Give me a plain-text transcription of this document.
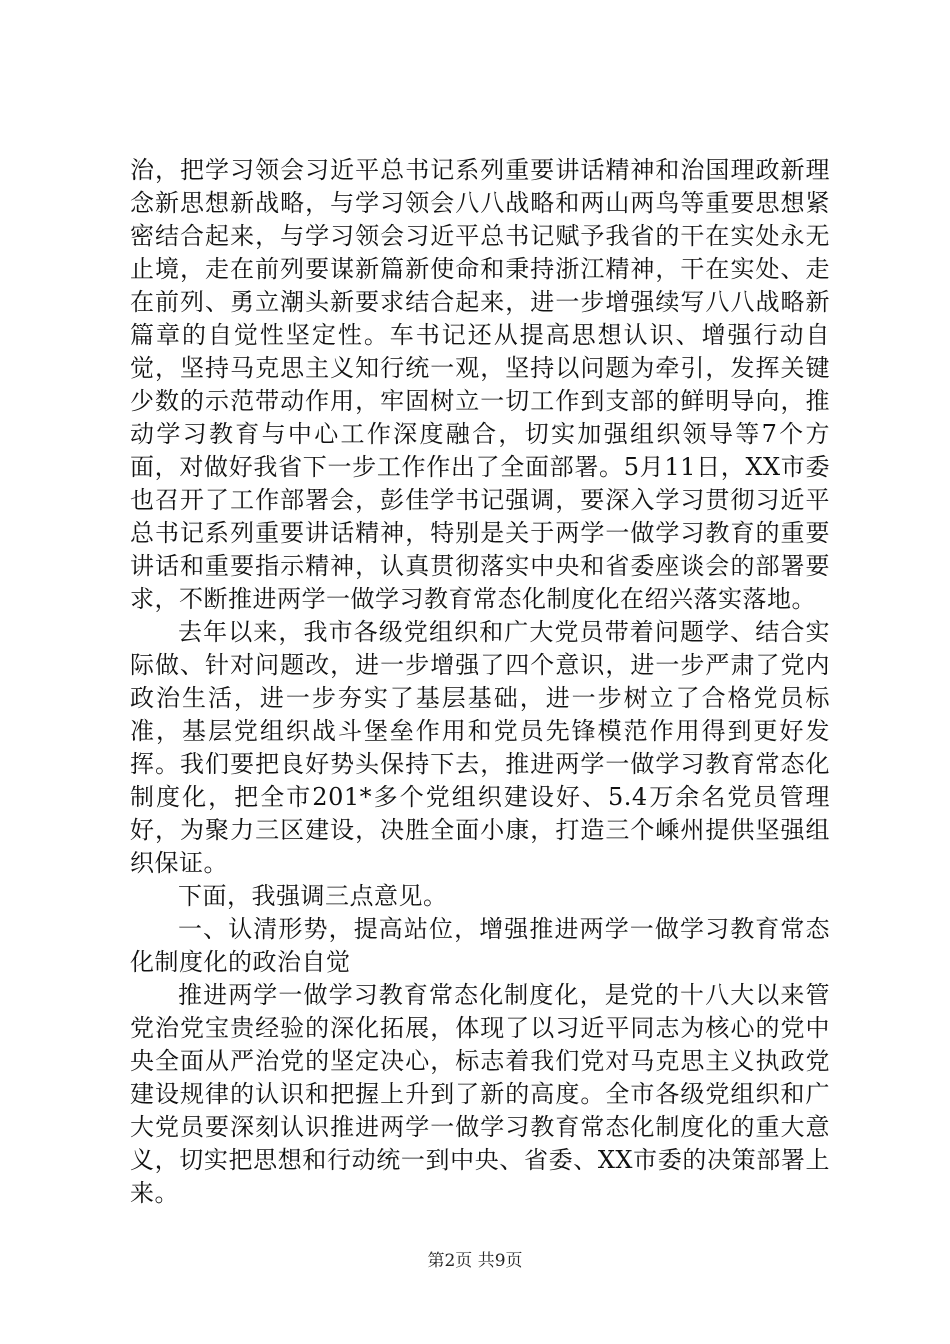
治，把学习领会习近平总书记系列重要讲话精神和治国理政新理念新思想新战略，与学习领会八八战略和两山两鸟等重要思想紧密结合起来，与学习领会习近平总书记赋予我省的干在实处永无止境，走在前列要谋新篇新使命和秉持浙江精神，干在实处、走在前列、勇立潮头新要求结合起来，进一步增强续写八八战略新篇章的自觉性坚定性。车书记还从提高思想认识、增强行动自觉，坚持马克思主义知行统一观，坚持以问题为牵引，发挥关键少数的示范带动作用，牢固树立一切工作到支部的鲜明导向，推动学习教育与中心工作深度融合，切实加强组织领导等7个方面，对做好我省下一步工作作出了全面部署。5月11日，XX市委也召开了工作部署会，彭佳学书记强调，要深入学习贯彻习近平总书记系列重要讲话精神，特别是关于两学一做学习教育的重要讲话和重要指示精神，认真贯彻落实中央和省委座谈会的部署要求，不断推进两学一做学习教育常态化制度化在绍兴落实落地。

去年以来，我市各级党组织和广大党员带着问题学、结合实际做、针对问题改，进一步增强了四个意识，进一步严肃了党内政治生活，进一步夯实了基层基础，进一步树立了合格党员标准，基层党组织战斗堡垒作用和党员先锋模范作用得到更好发挥。我们要把良好势头保持下去，推进两学一做学习教育常态化制度化，把全市201*多个党组织建设好、5.4万余名党员管理好，为聚力三区建设，决胜全面小康，打造三个嵊州提供坚强组织保证。

下面，我强调三点意见。

一、认清形势，提高站位，增强推进两学一做学习教育常态化制度化的政治自觉

推进两学一做学习教育常态化制度化，是党的十八大以来管党治党宝贵经验的深化拓展，体现了以习近平同志为核心的党中央全面从严治党的坚定决心，标志着我们党对马克思主义执政党建设规律的认识和把握上升到了新的高度。全市各级党组织和广大党员要深刻认识推进两学一做学习教育常态化制度化的重大意义，切实把思想和行动统一到中央、省委、XX市委的决策部署上来。

第2页 共9页
